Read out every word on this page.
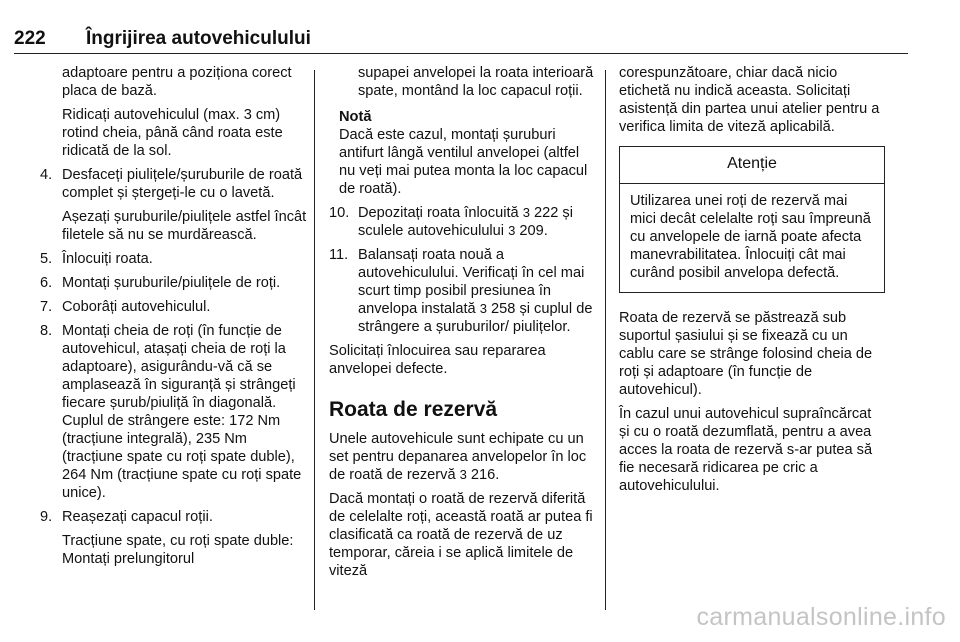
222 Îngrijirea autovehiculului

adaptoare pentru a poziționa corect placa de bază.

Ridicați autovehiculul (max. 3 cm) rotind cheia, până când roata este ridicată de la sol.

4. Desfaceți piulițele/șuruburile de roată complet și ștergeți-le cu o lavetă.

Așezați șuruburile/piulițele astfel încât filetele să nu se murdărească.

5. Înlocuiți roata.
6. Montați șuruburile/piulițele de roți.
7. Coborâți autovehiculul.
8. Montați cheia de roți (în funcție de autovehicul, atașați cheia de roți la adaptoare), asigurându-vă că se amplasează în siguranță și strângeți fiecare șurub/piuliță în diagonală. Cuplul de strângere este: 172 Nm (tracțiune integrală), 235 Nm (tracțiune spate cu roți spate duble), 264 Nm (tracțiune spate cu roți spate unice).
9. Reașezați capacul roții.

Tracțiune spate, cu roți spate duble: Montați prelungitorul

supapei anvelopei la roata interioară spate, montând la loc capacul roții.

Notă

Dacă este cazul, montați șuruburi antifurt lângă ventilul anvelopei (altfel nu veți mai putea monta la loc capacul de roată).

10. Depozitați roata înlocuită 3 222 și sculele autovehiculului 3 209.
11. Balansați roata nouă a autovehiculului. Verificați în cel mai scurt timp posibil presiunea în anvelopa instalată 3 258 și cuplul de strângere a șuruburilor/ piulițelor.

Solicitați înlocuirea sau repararea anvelopei defecte.

Roata de rezervă

Unele autovehicule sunt echipate cu un set pentru depanarea anvelopelor în loc de roată de rezervă 3 216.

Dacă montați o roată de rezervă diferită de celelalte roți, această roată ar putea fi clasificată ca roată de rezervă de uz temporar, căreia i se aplică limitele de viteză

corespunzătoare, chiar dacă nicio etichetă nu indică aceasta. Solicitați asistență din partea unui atelier pentru a verifica limita de viteză aplicabilă.

Atenție

Utilizarea unei roți de rezervă mai mici decât celelalte roți sau împreună cu anvelopele de iarnă poate afecta manevrabilitatea. Înlocuiți cât mai curând posibil anvelopa defectă.

Roata de rezervă se păstrează sub suportul șasiului și se fixează cu un cablu care se strânge folosind cheia de roți și adaptoare (în funcție de autovehicul).

În cazul unui autovehicul supraîncărcat și cu o roată dezumflată, pentru a avea acces la roata de rezervă s-ar putea să fie necesară ridicarea pe cric a autovehiculului.

carmanualsonline.info
